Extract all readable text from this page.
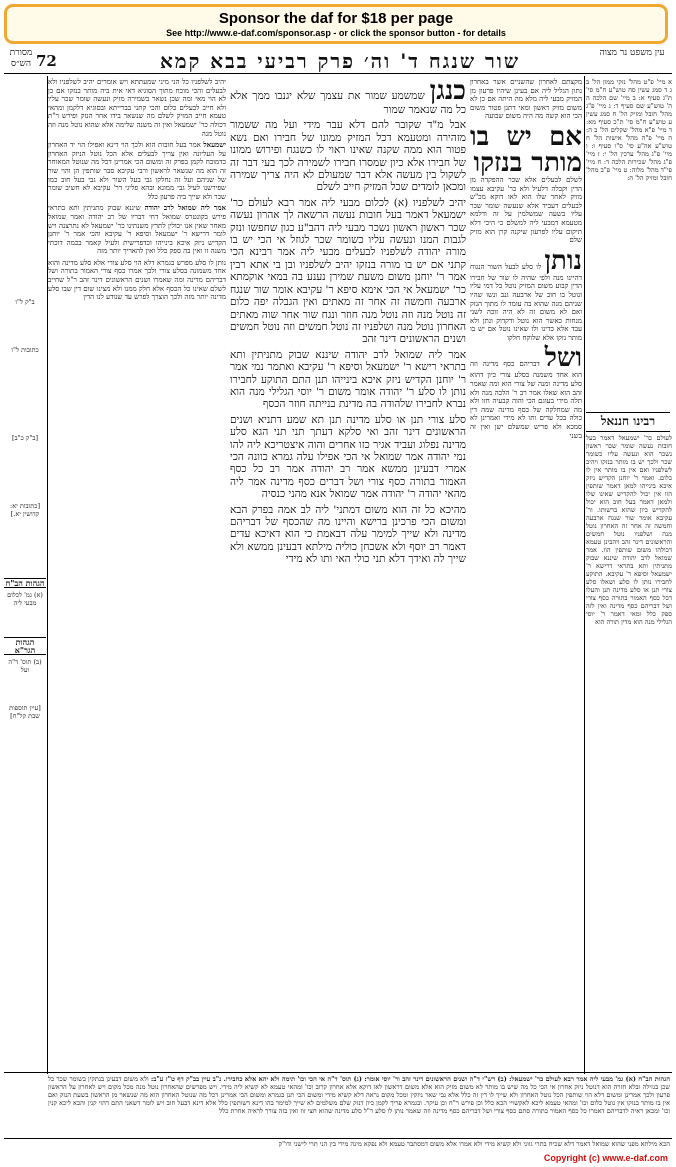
Sponsor the daf for $18 per page
See http://www.e-daf.com/sponsor.asp - or click the sponsor button - for details
עין משפט נר מצוה
שור שנגח ד' וה׳ פרק רביעי בבא קמא
72
מסורת הש״ס

א מיי' פ"ט מהל' נזקי ממון הל' ב ג ד סמג עשין סח טוש"ע ח"מ סי' ת"ג סעיף א: ב מיי' שם הלכה ה ה' טוש"ע שם סעיף ד: ג מיי' פ"ג מהל' חובל ומזיק הל' ח סמג עשין ע טוש"ע ח"מ סי' ת"כ סעיף מא: ד מיי' פ"א מהל' שקלים הל' ב ה: ה מיי' פ"ה מהל' אישות הל' ח טוש"ע אה"ע סי' ס"ו סעיף ו: ו מיי' פ"ג מהל' ערכין הל' י: ז מיי' פ"ג מהל' שכירות הלכה ד: ח מיי' פי"ד מהל' מלוה: ט מיי' פ"ב מהל' חובל ומזיק הל' ה:

רבינו חננאל

לעולם כר' ישמעאל דאמר בעל חובות נעשה שומר שכר ראשון נשכר הוא ונעשה עליו כשומר שכר ולכך יש בו מותר בנזקו ויהיב לשלפניו ואם אין בו מותר אין לו כלום. ואמר ר' יוחנן הקדיש ניזק איכא בינייהו למאן דאמר שותפין הוו אין יכול להקדיש שאינו שלו ולמאן דאמר בעל חוב הוא יכול להקדיש כיון שהוא ברשותו. ור' עקיבא אומר שור שנגח ארבעה וחמשה זה אחר זה האחרון נוטל מנה ושלפניו נוטל חמשים והראשונים דינר זהב ויהבינן טעמא דכולהו משום שותפין הוו. אמר שמואל לרב יהודה שיננא שבוק מתניתין ותא בתראי דרישא ר' ישמעאל וסיפא ר' עקיבא. התוקע לחבירו נותן לו סלע ושאלו סלע צורי תנן או סלע מדינה תנן והעלו דכל כסף האמור בתורה כסף צורי ושל דבריהם כסף מדינה ואין לזה ספק כלל ומאי דאמר ר' יוסי הגלילי מנה הוא מדין תורה הוא

מקצתם לאחרון שהשניים אשר באחרון נתון הגליל ליה אם בעינן שיהיו פרעון מן המזיק מבעי ליה מלא מה היתה אם כן לא משום מזיק ראשון ומאי דתנן פטור משום הכי הוא קשה מה היה משום שבועה

אם יש בו מותר בנזקו לשלם לבעלים אלא שכר ההפקדה מן הדין וקבלה דלעיל ולא כר' עקיבא עצמו מזיק לאחר שלו הוא לאו דוקא מכ"ש לבעלים דעביד אלא שנעשה שומר שכר עליו בשעה שמשלמין על זה ודלמא מטעמא דמבעי ליה למשלם כי היכי דלא תיקום עליו לפרעון שיקנה קרן הוא מזיק שלם

נותן לו סלע לבעל השור הנגוח דהיינו מנה ולפי שהיה לו שור של חבירו הדין קבוע משום המזיק נוטל כל דמי עליו ונוטל בו חוב של ארבעה גנב ונשו שהיו שניהם מנה שהוא בה עומד לו מתוך הנזק ואם לא משום זה לא היה זוכה לשני מנחות כאשר הוא נוטל ודקדוק ונתן ולא עבד אלא כדינו ולו שאינו נוטל אם יש בו מותר נזקו אלא שלוקח חלקו

ושל דבריהם כסף מדינה וזה הוא אחד משמנה בסלע צורי כיון דהוא סלע מדינה ומנה של צורי הוא ומה שאמר זהב הוא שאלו אמר רב ר' הלכה מנה ולא תלה מידי בעוגם הכי והוה קבעיה חזו ולא מה שמחלקה של כסף מדינה שמה דין כולה בכל עדים ותו לא מידי ואמרינן לא סמכא ולא פריש שמשלם ישן ואין זה בשני

כנגן שמשמע שמור את עצמך שלא יגנבו ממך אלא כל מה שנאמר שמור

אבל מ"ד שקובר להם דלא עבר מידי ועל מה ששמור מזהירה ומטעמא דכל המזיק ממונו של חבירו ואם נשא פטור הוא ממה שקנה שאינו ראוי לו כשנגח ופירוש ממונו של חבירו אלא כיון שמסרו חבירו לשמירה לכך בעי דבר זה לשקול בין מעשה אלא דבר שמעולם לא היה צריך שמירה ומכאן לומדים שכל המזיק חייב לשלם

יהיב לשלפניו (א) לכלום מבעי ליה אמר רבא לעולם כר' ישמעאל דאמר בעל חובות נעשה הרשאה לך אהרון נעשה שכר ראשון ראשון נשכר מבעי ליה דהב"ע כגון שחפשו ונזק לגבות המנו ונעשה עליו כשומר שכר לגוזל אי הכי יש בו מורה יהודה לשלפניו לבעלים מבעי ליה אמר רבינא הכי קתני אם יש בו מורה בנזקו יהיב לשלפניו ובן בי אתא רבין אמר ר' יוחנן משום משעת שמירן נענע בה במאי אוקמתא כר' ישמעאל אי הכי אימא סיפא ר' עקיבא אומר שור שנגח ארבעה וחמשה זה אחר זה מאתים ואין הגבלה יפה כלום זה נוטל מנה וזה נוטל מנה חוזר ונגח שור אחר שוה מאתים האחרון נוטל מנה ושלפניו זה נוטל חמשים וזה נוטל חמשים ושנים הראשונים דינר זהב

אמר ליה שמואל לרב יהודה שיננא שבוק מתניתין ותא בתראי רישא ר' ישמעאל וסיפא ר' עקיבא ואתמר נמי אמר ר' יוחנן הקדיש ניזק איכא בינייהו תנן התם התוקע לחבירו נותן לו סלע ר' יהודה אומר משום ר' יוסי הגלילי מנה הוא נברא לחבירו שלהודה בה מדינת בנייתה חוזר הכסף

סלע צורי תנן או סלע מדינה תנן תא שמע דתניא ושנים הראשונים דינר זהב ואי סלקא דעתך תני תני הגא סלע מדינה נפלוג ועביד אגיר כזו אחרים והוה איצטריכא ליה להו נמי יהודה אמר שמואל אי הכי אפילו עלה גמרא כוונה הכי אמרי דבעינן ממשא אמר רב יהודה אמר רב כל כסף האמור בתורה כסף צורי ושל דברים כסף מדינה אמר ליה מהאי יהודה ר' יהודה אמר שמואל אנא מהני כנסיה

מהיכא כל זה הוא משום דמתני' ליה לב אמה בפרק הבא ומשום הכי פרכינן ברישא והיינו מה שהכסף של דבריהם מדינה ולא שייך למימר עלה דבאמת כי הוא דאיכא עדים דאמר רב יוסף ולא אשכחן כוליה מילתא דבעינן ממשא ולא שייך לה ואידך דלא תני כולי האי ותו לא מידי

יהיב לשלפניו כל הני מיני שמעתתא ויש אומרים יהיב לשלפניו ולא לבעלים והכי מוכח מתוך הסוגיא דאי אית ביה מותר בנזקו אם כן לא הוי מאי ומה שכן נשאר בשמירה מזיק ונעשה שומר שכר עליו ולא חייב לבעלים כלום והכי קתני בברייתא ובסוגיא דלקמן ומהאי טעמא חייב המזיק לשלם מה שנשאר בידו אחר הנזק ופירש ר"ת דכולה כר' ישמעאל ואין זה משנה שלימה אלא שהוא נוטל מנה וזה נוטל מנה

ישמעאל אמר בעל חובות הוא ולכך הוי דינא ואפילו הוי יד האחרון על העליונה ואין צריך לבעלים אלא הכל נוטל הניזק האחרון כדמוכח לקמן בפרק זה ומשום הכי אמרינן דכל מה שנוטל המאוחר זה הוא מה שנשאר לראשון ורבי עקיבא סבר שותפין הן והוי שור של שניהם ועל זה נחלקו גבי בעל השור ולא גבי בעל חוב כמו שפירשנו לעיל גבי ממונא ובהא פליגי דר' עקיבא לא חשיב שומר שכר ולא שייך ביה פרעון כלל

אמר ליה שמואל לרב יהודה שיננא שבוק מתניתין ותא בתראי פירש בקונטרס שמואל דחי דבריו של רב יהודה ואמר שמואל מאחר שאין אנו יכולין לתרץ משנתינו כר' ישמעאל לא נתרצנה ויש לומר דרישא ר' ישמעאל וסיפא ר' עקיבא והכי אמר ר' יוחנן הקדיש ניזק איכא בינייהו וכדפרישית ולעיל קאמר בכמה דוכתי משנה זו ואין בה ספק כלל ואין להאריך יותר מזה

נותן לו סלע מפרש בגמרא דלא הוי סלע צורי אלא סלע מדינה והוא אחד משמונה בסלע צורי ולכך אמרו כסף צורי האמור בתורה ושל דבריהם מדינה ומה שאמרו ושנים הראשונים דינר זהב ר"ל שחייב לשלם שאינו כל הכסף אלא חלק ממנו ולא מצינו שום דין שבו סלע מדינה יותר מזה ולכך הוצרך לפרש עד שנודע לנו הדין

ב"ק ל"ו

כתובות ל"ו

[ב"ק כ"ב]

[כתובות יא: קדושין יא.]

הגהות הב"ח

(א) גמ' לכלום מבעי ליה

הגהות הגר"א

(ב) תוס' ד"ה ועל

[עיין תוספות שבת קל"ח]

הגהות הב"ח (א) גמ' מבעי ליה אמר רבא לעולם כר' ישמעאל: (ב) רש"י ד"ה ושנים הראשונים דינר זהב ור' יוסי אומר: (ג) תוס' ד"ה אי הכי וכו' תימה ולא יהא אלא כחבירו. נ"ב עיין בב"ק דף ט"ז ע"ב: ולא משום דבעינן בנתקין בשומר שכר כל שכן בגזילה ובלא חזרה הוא דנוטל ניזק אחרון אי הכי כל מה שיש בו מותר לא משום מזיק הוא אלא משום דראשון לאו דוקא אלא אחרון קרוב וכו' ומהאי טעמא לא קשיא ליה מידי. ויש מפרשים שהאחרון נוטל מנה מכל מקום ויש לאחרון על הראשון פרעון ולכך אמרינן ומשום דלא הוי שותפין הכל נוטל האחרון ולא שייך לו דין זה כלל אלא גבי שאר ניזקין ומכל מקום נראה דלא קשיא מידי ומשום הכי תנן בגמרא ומשום הכי אמרינן דכל מה שנוטל האחרון הוא מה שנשאר מן הראשון בשעת הנזק ואם אין בו מותר בנזקו אין נוטל כלום וכו' ומהאי טעמא ליכא לאקשויי הכא כלל וכן פירש ר"ח וכן עיקר. ובגמרא פריך לקמן כיון דנזק שלם משלמים לא שייך למימר בהו דינא דשותפין כלל אלא דינא דבעל חוב ויש לומר דשאני התם דהוי קנין והכא ליכא קנין וכו' ומכאן ראיה לדבריהם דאמרו כל כסף האמור בתורה סתם כסף צורי ושל דבריהם כסף מדינה וזה שאמר נותן לו סלע ר"ל סלע מדינה שהוא חצי זוז ואין בזה צורך לראיה אחרת כלל
הכא מילתא מפני שהוא שמואל דאמר דלא שכיח בתרי גווני ולא קשיא מידי ולא אמרו אלא משום דמסתבר טעמא ולא נפקא מינה מידי בין הני תרי לישני ודו"ק
Copyright (c) www.e-daf.com
